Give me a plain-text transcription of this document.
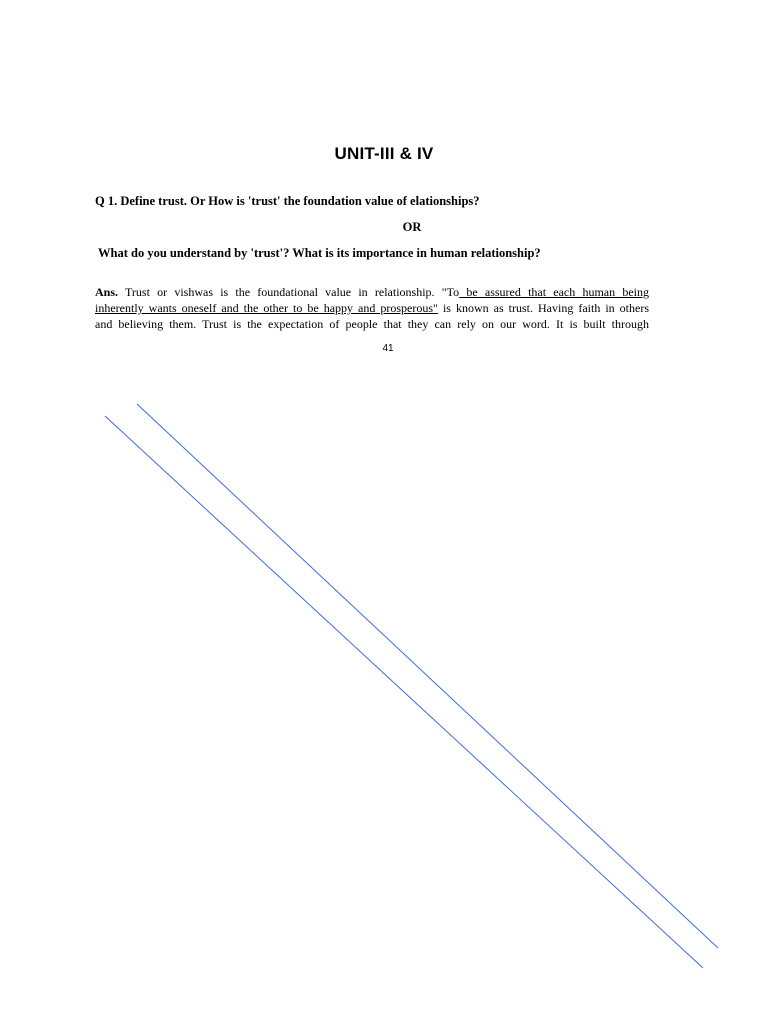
UNIT-III & IV
Q 1. Define trust. Or How is 'trust' the foundation value of elationships?
OR
What do you understand by 'trust'? What is its importance in human relationship?
Ans. Trust or vishwas is the foundational value in relationship. "To be assured that each human being
inherently wants oneself and the other to be happy and prosperous" is known as trust. Having faith in others
and believing them. Trust is the expectation of people that they can rely on our word. It is built through
41
